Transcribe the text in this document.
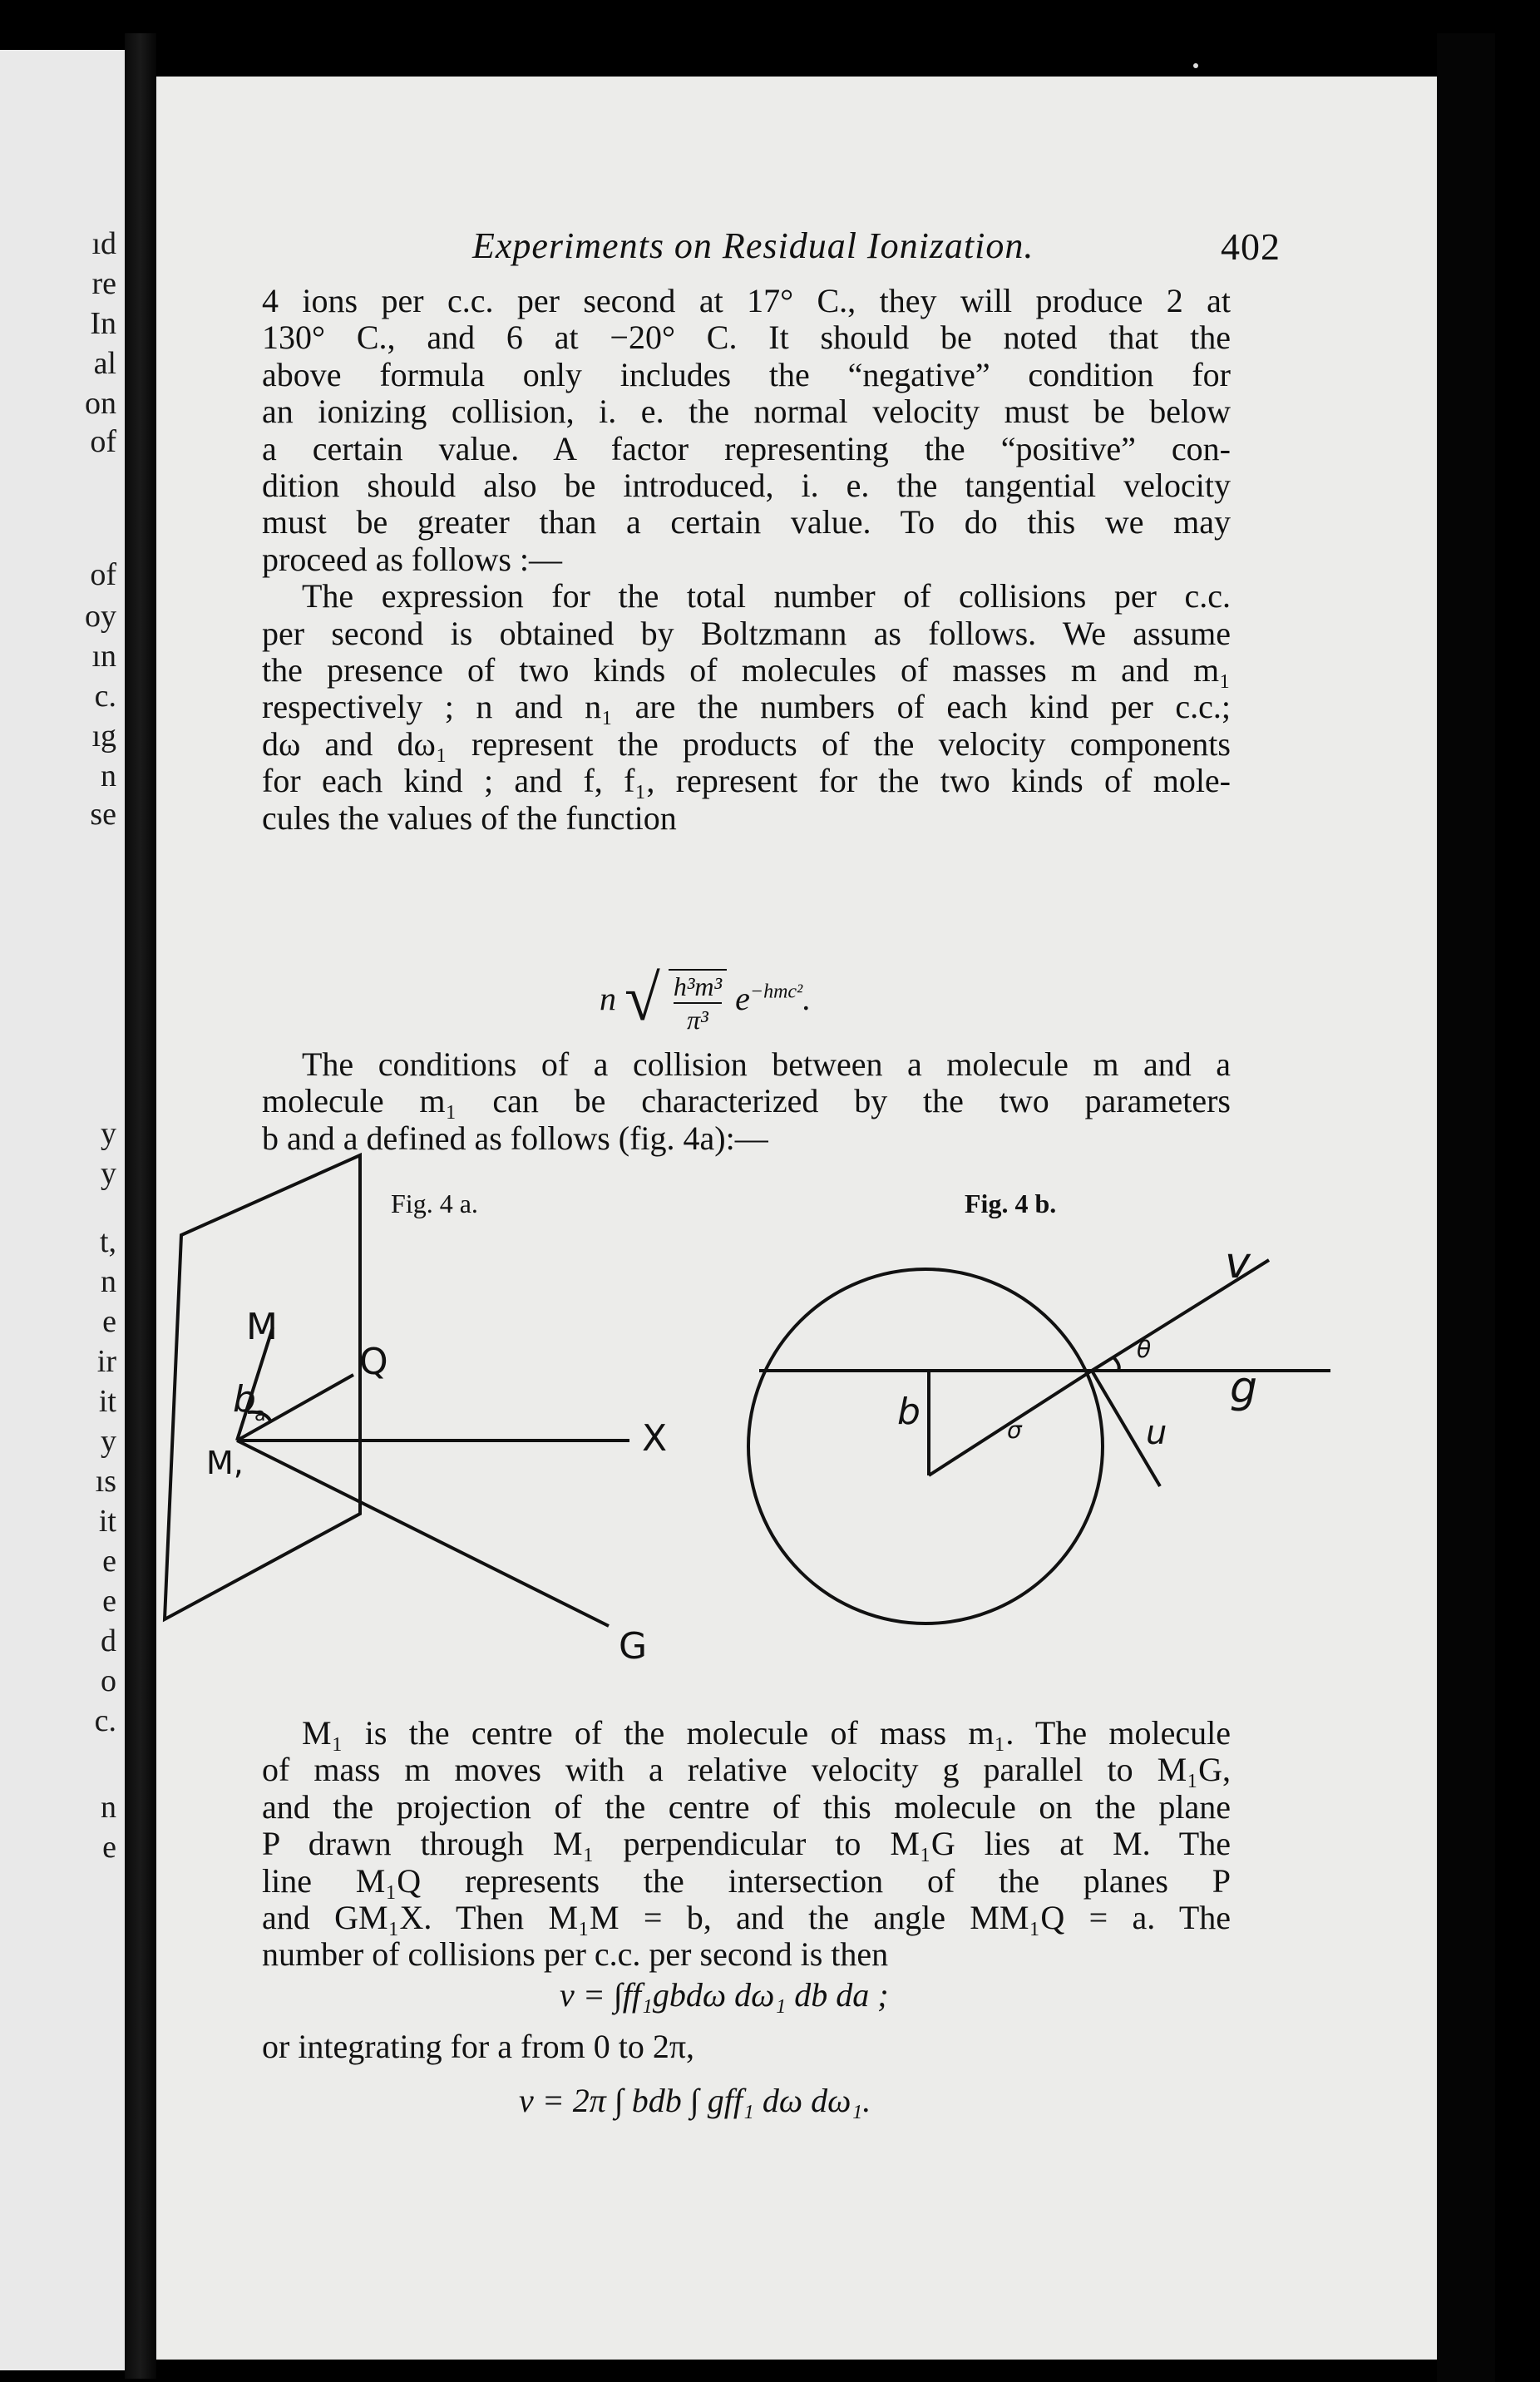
ıd
re
In
al
on
of
of
oy
ın
c.
ıg
n
se
y
y
t,
n
e
ir
it
y
ıs
it
e
e
d
o
c.
n
e
Experiments on Residual Ionization.	402
4 ions per c.c. per second at 17° C., they will produce 2 at
130° C., and 6 at −20° C. It should be noted that the
above formula only includes the “negative” condition for
an ionizing collision, i. e. the normal velocity must be below
a certain value. A factor representing the “positive” con-
dition should also be introduced, i. e. the tangential velocity
must be greater than a certain value. To do this we may
proceed as follows :—
The expression for the total number of collisions per c.c.
per second is obtained by Boltzmann as follows. We assume
the presence of two kinds of molecules of masses m and m₁
respectively ; n and n₁ are the numbers of each kind per c.c.;
dω and dω₁ represent the products of the velocity components
for each kind ; and f, f₁, represent for the two kinds of mole-
cules the values of the function
n √ $\frac{\text{h³m³}}{\text{π³}} e^{-hmc^2}$.
The conditions of a collision between a molecule m and a
molecule m₁ can be characterized by the two parameters
b and a defined as follows (fig. 4a):—
Fig. 4 a.	Fig. 4 b.
M
b
Q
a
X
M,
G
v
θ
g
b	σ	u
M₁ is the centre of the molecule of mass m₁. The molecule
of mass m moves with a relative velocity g parallel to M₁G,
and the projection of the centre of this molecule on the plane
P drawn through M₁ perpendicular to M₁G lies at M. The
line M₁Q represents the intersection of the planes P
and GM₁X. Then M₁M = b, and the angle MM₁Q = a. The
number of collisions per c.c. per second is then
ν = ∫ff₁gbdω dω₁ db da ;
or integrating for a from 0 to 2π,
ν = 2π ∫ bdb ∫ gff₁ dω dω₁.
